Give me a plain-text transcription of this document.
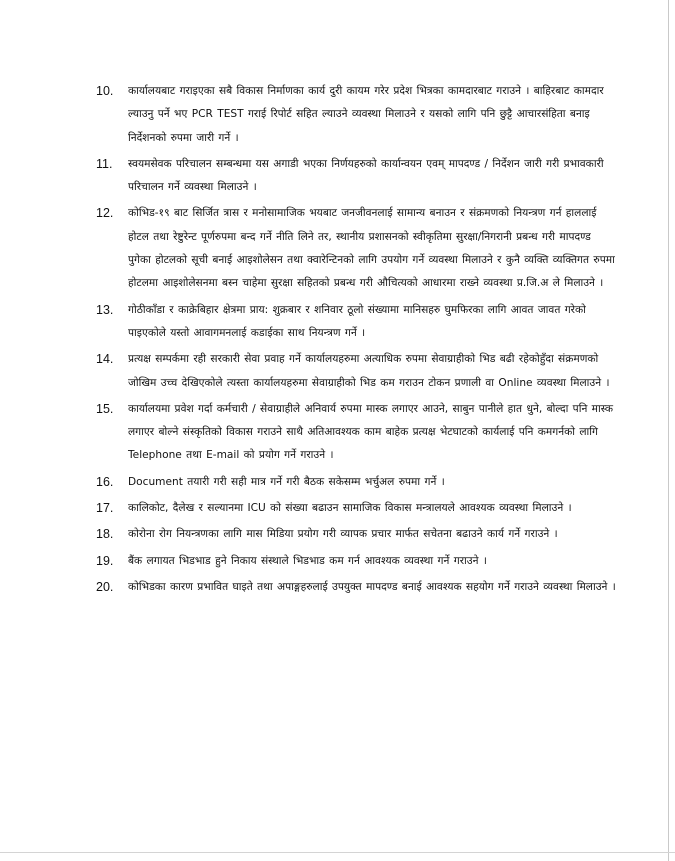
10.	कार्यालयबाट गराइएका सबै विकास निर्माणका कार्य दुरी कायम गरेर प्रदेश भित्रका कामदारबाट गराउने । बाहिरबाट कामदार ल्याउनु पर्ने भए PCR TEST गराई रिपोर्ट सहित ल्याउने व्यवस्था मिलाउने र यसको लागि पनि छुट्टै आचारसंहिता बनाइ निर्देशनको रुपमा जारी गर्ने ।
11.	स्वयमसेवक परिचालन सम्बन्धमा यस अगाडी भएका निर्णयहरुको कार्यान्वयन एवम् मापदण्ड / निर्देशन जारी गरी प्रभावकारी परिचालन गर्ने व्यवस्था मिलाउने ।
12.	कोभिड-१९ बाट सिर्जित त्रास र मनोसामाजिक भयबाट जनजीवनलाई सामान्य बनाउन र संक्रमणको नियन्त्रण गर्न हाललाई होटल तथा रेष्टुरेन्ट पूर्णरुपमा बन्द गर्ने नीति लिने तर, स्थानीय प्रशासनको स्वीकृतिमा सुरक्षा/निगरानी प्रबन्ध गरी मापदण्ड पुगेका होटलको सूची बनाई आइशोलेसन तथा क्वारेन्टिनको लागि उपयोग गर्ने व्यवस्था मिलाउने र कुनै व्यक्ति व्यक्तिगत रुपमा होटलमा आइशोलेसनमा बस्न चाहेमा सुरक्षा सहितको प्रबन्ध गरी औचित्यको आधारमा राख्ने व्यवस्था प्र.जि.अ ले मिलाउने ।
13.	गोठीकाँडा र काक्रेबिहार क्षेत्रमा प्राय: शुक्रबार र शनिवार ठूलो संख्यामा मानिसहरु घुमफिरका लागि आवत जावत गरेको पाइएकोले यस्तो आवागमनलाई कडाईका साथ नियन्त्रण गर्ने ।
14.	प्रत्यक्ष सम्पर्कमा रही सरकारी सेवा प्रवाह गर्ने कार्यालयहरुमा अत्याधिक रुपमा सेवाग्राहीको भिड बढी रहेकोहुँदा संक्रमणको जोखिम उच्च देखिएकोले त्यस्ता कार्यालयहरुमा सेवाग्राहीको भिड कम गराउन टोकन प्रणाली वा Online व्यवस्था मिलाउने ।
15.	कार्यालयमा प्रवेश गर्दा कर्मचारी / सेवाग्राहीले अनिवार्य रुपमा मास्क लगाएर आउने, साबुन पानीले हात धुने, बोल्दा पनि मास्क लगाएर बोल्ने संस्कृतिको विकास गराउने साथै अतिआवश्यक काम बाहेक प्रत्यक्ष भेटघाटको कार्यलाई पनि कमगर्नको लागि Telephone तथा E-mail को प्रयोग गर्ने गराउने ।
16.	Document तयारी गरी सही मात्र गर्ने गरी बैठक सकेसम्म भर्चुअल रुपमा गर्ने ।
17.	कालिकोट, दैलेख र सल्यानमा ICU को संख्या बढाउन सामाजिक विकास मन्त्रालयले आवश्यक व्यवस्था मिलाउने ।
18.	कोरोना रोग नियन्त्रणका लागि मास मिडिया प्रयोग गरी व्यापक प्रचार मार्फत सचेतना बढाउने कार्य गर्ने गराउने ।
19.	बैंक लगायत भिडभाड हुने निकाय संस्थाले भिडभाड कम गर्न आवश्यक व्यवस्था गर्ने गराउने ।
20.	कोभिडका कारण प्रभावित घाइते तथा अपाङ्गहरुलाई उपयुक्त मापदण्ड बनाई आवश्यक सहयोग गर्ने गराउने व्यवस्था मिलाउने ।
